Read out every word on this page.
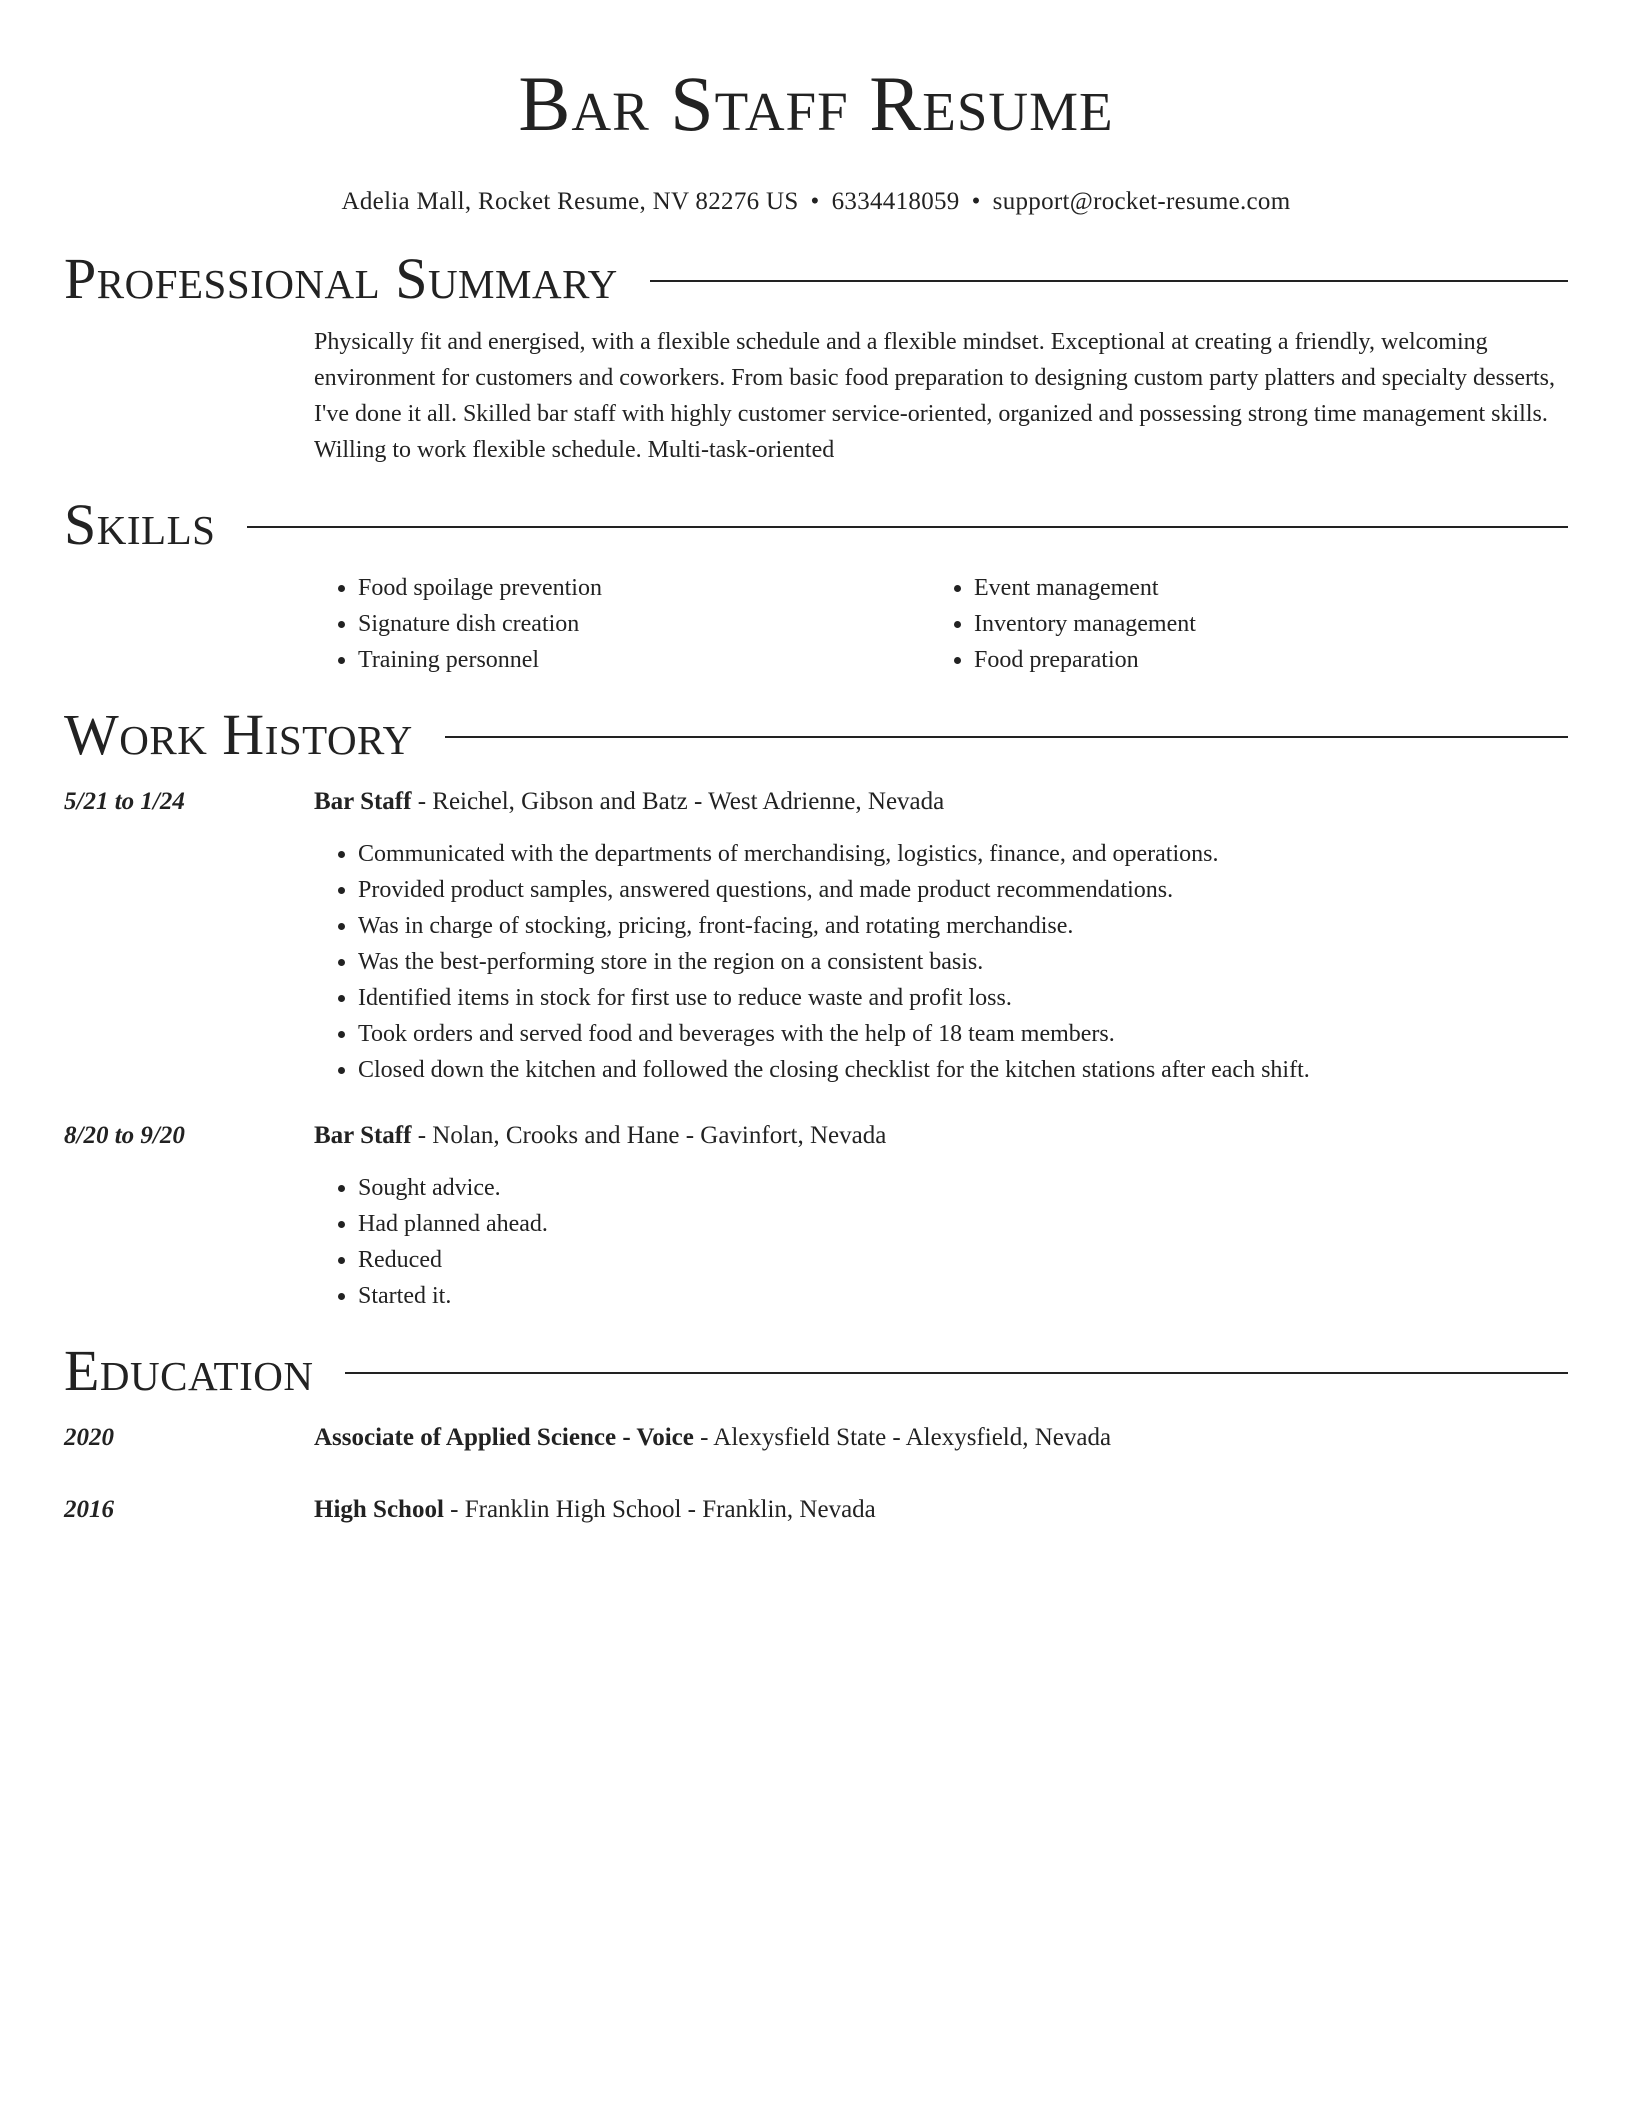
Bar Staff Resume
Adelia Mall, Rocket Resume, NV 82276 US • 6334418059 • support@rocket-resume.com
Professional Summary
Physically fit and energised, with a flexible schedule and a flexible mindset. Exceptional at creating a friendly, welcoming environment for customers and coworkers. From basic food preparation to designing custom party platters and specialty desserts, I've done it all. Skilled bar staff with highly customer service-oriented, organized and possessing strong time management skills. Willing to work flexible schedule. Multi-task-oriented
Skills
• Food spoilage prevention
• Signature dish creation
• Training personnel
• Event management
• Inventory management
• Food preparation
Work History
5/21 to 1/24	Bar Staff - Reichel, Gibson and Batz - West Adrienne, Nevada
• Communicated with the departments of merchandising, logistics, finance, and operations.
• Provided product samples, answered questions, and made product recommendations.
• Was in charge of stocking, pricing, front-facing, and rotating merchandise.
• Was the best-performing store in the region on a consistent basis.
• Identified items in stock for first use to reduce waste and profit loss.
• Took orders and served food and beverages with the help of 18 team members.
• Closed down the kitchen and followed the closing checklist for the kitchen stations after each shift.
8/20 to 9/20	Bar Staff - Nolan, Crooks and Hane - Gavinfort, Nevada
• Sought advice.
• Had planned ahead.
• Reduced
• Started it.
Education
2020	Associate of Applied Science - Voice - Alexysfield State - Alexysfield, Nevada
2016	High School - Franklin High School - Franklin, Nevada
